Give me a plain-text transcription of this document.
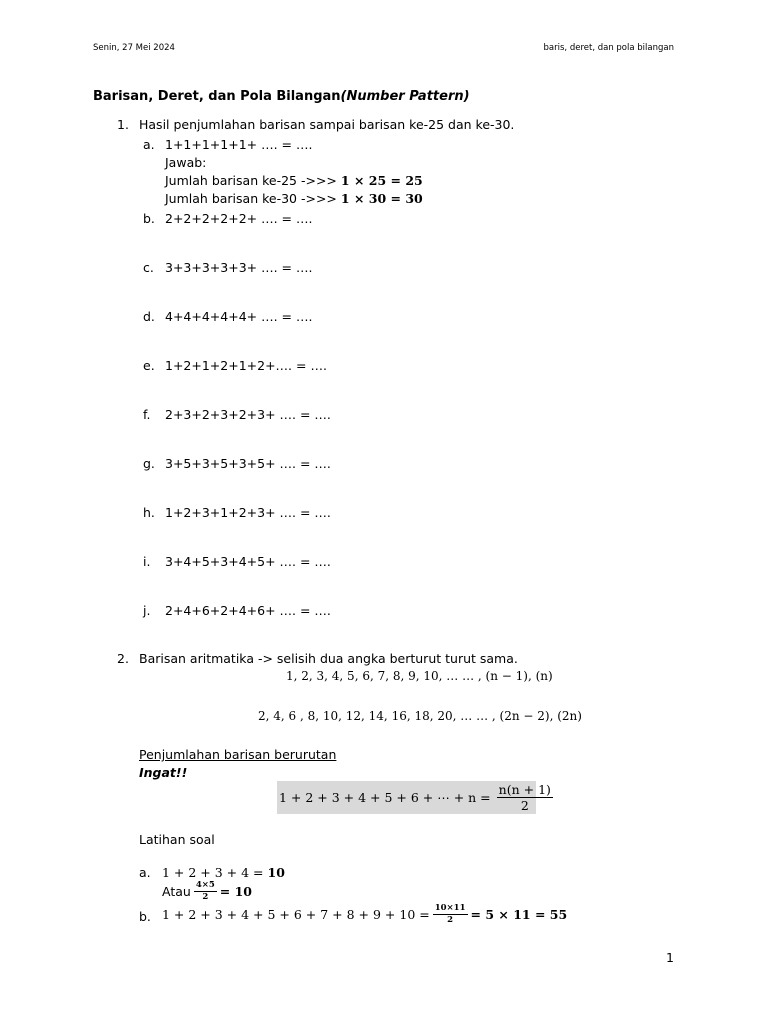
Senin, 27 Mei 2024	baris, deret, dan pola bilangan
Barisan, Deret, dan Pola Bilangan(Number Pattern)
1. Hasil penjumlahan barisan sampai barisan ke-25 dan ke-30.
a. 1+1+1+1+1+ …. = ….
Jawab:
Jumlah barisan ke-25 ->>> 1 × 25 = 25
Jumlah barisan ke-30 ->>> 1 × 30 = 30
b. 2+2+2+2+2+ …. = ….
c. 3+3+3+3+3+ …. = ….
d. 4+4+4+4+4+ …. = ….
e. 1+2+1+2+1+2+…. = ….
f. 2+3+2+3+2+3+ …. = ….
g. 3+5+3+5+3+5+ …. = ….
h. 1+2+3+1+2+3+ …. = ….
i. 3+4+5+3+4+5+ …. = ….
j. 2+4+6+2+4+6+ …. = ….
2. Barisan aritmatika -> selisih dua angka berturut turut sama.
1, 2, 3, 4, 5, 6, 7, 8, 9, 10, … … , (n − 1), (n)
2, 4, 6 , 8, 10, 12, 14, 16, 18, 20, … … , (2n − 2), (2n)
Penjumlahan barisan berurutan
Ingat!!
1 + 2 + 3 + 4 + 5 + 6 + ⋯ + $n = \frac{n(n + 1)}{2}$
Latihan soal
a. 1 + 2 + 3 + 4 = 10
Atau $\frac{4\times 5}{2} = 10$
b. $1 + 2 + 3 + 4 + 5 + 6 + 7 + 8 + 9 + 10 = \frac{10\times 11}{2} = 5 \times 11 = 55$
1
